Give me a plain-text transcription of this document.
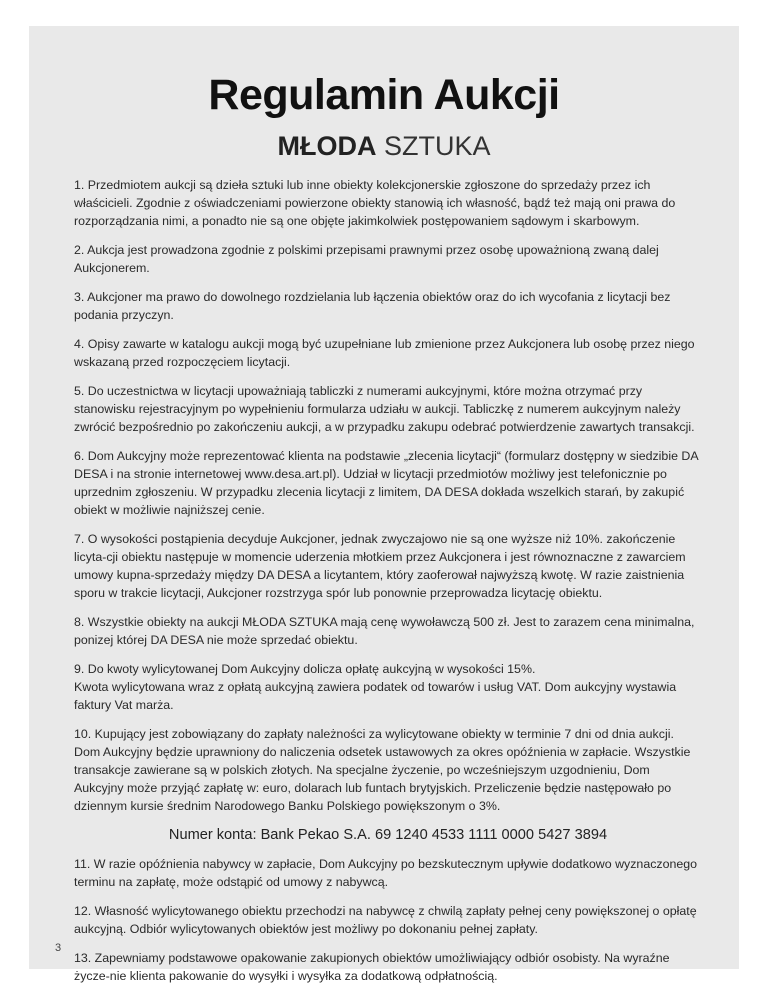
Regulamin Aukcji
MŁODA SZTUKA

1. Przedmiotem aukcji są dzieła sztuki lub inne obiekty kolekcjonerskie zgłoszone do sprzedaży przez ich właścicieli. Zgodnie z oświadczeniami powierzone obiekty stanowią ich własność, bądź też mają oni prawa do rozporządzania nimi, a ponadto nie są one objęte jakimkolwiek postępowaniem sądowym i skarbowym.

2. Aukcja jest prowadzona zgodnie z polskimi przepisami prawnymi przez osobę upoważnioną zwaną dalej Aukcjonerem.

3. Aukcjoner ma prawo do dowolnego rozdzielania lub łączenia obiektów oraz do ich wycofania z licytacji bez podania przyczyn.

4. Opisy zawarte w katalogu aukcji mogą być uzupełniane lub zmienione przez Aukcjonera lub osobę przez niego wskazaną przed rozpoczęciem licytacji.

5. Do uczestnictwa w licytacji upoważniają tabliczki z numerami aukcyjnymi, które można otrzymać przy stanowisku rejestracyjnym po wypełnieniu formularza udziału w aukcji. Tabliczkę z numerem aukcyjnym należy zwrócić bezpośrednio po zakończeniu aukcji, a w przypadku zakupu odebrać potwierdzenie zawartych transakcji.

6. Dom Aukcyjny może reprezentować klienta na podstawie „zlecenia licytacji“ (formularz dostępny w siedzibie DA DESA i na stronie internetowej www.desa.art.pl). Udział w licytacji przedmiotów możliwy jest telefonicznie po uprzednim zgłoszeniu. W przypadku zlecenia licytacji z limitem, DA DESA dokłada wszelkich starań, by zakupić obiekt w możliwie najniższej cenie.

7. O wysokości postąpienia decyduje Aukcjoner, jednak zwyczajowo nie są one wyższe niż 10%. zakończenie licyta-cji obiektu następuje w momencie uderzenia młotkiem przez Aukcjonera i jest równoznaczne z zawarciem umowy kupna-sprzedaży między DA DESA a licytantem, który zaoferował najwyższą kwotę. W razie zaistnienia sporu w trakcie licytacji, Aukcjoner rozstrzyga spór lub ponownie przeprowadza licytację obiektu.

8. Wszystkie obiekty na aukcji MŁODA SZTUKA mają cenę wywoławczą 500 zł. Jest to zarazem cena minimalna, ponizej której DA DESA nie może sprzedać obiektu.

9. Do kwoty wylicytowanej Dom Aukcyjny dolicza opłatę aukcyjną w wysokości 15%.

Kwota wylicytowana wraz z opłatą aukcyjną zawiera podatek od towarów i usług VAT. Dom aukcyjny wystawia faktury Vat marża.

10. Kupujący jest zobowiązany do zapłaty należności za wylicytowane obiekty w terminie 7 dni od dnia aukcji. Dom Aukcyjny będzie uprawniony do naliczenia odsetek ustawowych za okres opóźnienia w zapłacie. Wszystkie transakcje zawierane są w polskich złotych. Na specjalne życzenie, po wcześniejszym uzgodnieniu, Dom Aukcyjny może przyjąć zapłatę w: euro, dolarach lub funtach brytyjskich. Przeliczenie będzie następowało po dziennym kursie średnim Narodowego Banku Polskiego powiększonym o 3%.

Numer konta: Bank Pekao S.A. 69 1240 4533 1111 0000 5427 3894

11. W razie opóźnienia nabywcy w zapłacie, Dom Aukcyjny po bezskutecznym upływie dodatkowo wyznaczonego terminu na zapłatę, może odstąpić od umowy z nabywcą.

12. Własność wylicytowanego obiektu przechodzi na nabywcę z chwilą zapłaty pełnej ceny powiększonej o opłatę aukcyjną. Odbiór wylicytowanych obiektów jest możliwy po dokonaniu pełnej zapłaty.

13. Zapewniamy podstawowe opakowanie zakupionych obiektów umożliwiający odbiór osobisty. Na wyraźne życze-nie klienta pakowanie do wysyłki i wysyłka za dodatkową odpłatnością.

3
